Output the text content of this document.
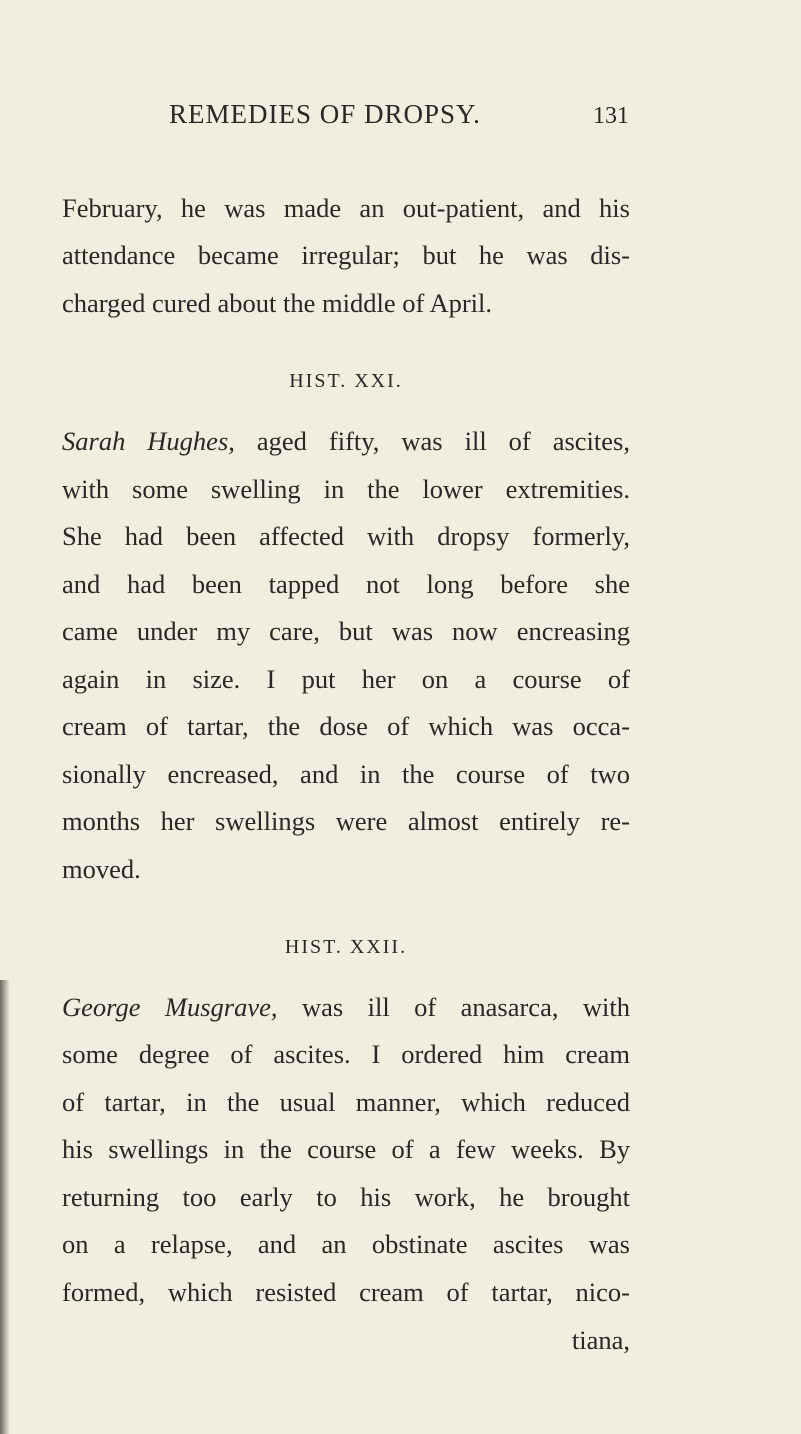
REMEDIES OF DROPSY.	131
February, he was made an out-patient, and his
attendance became irregular; but he was dis-
charged cured about the middle of April.
HIST. XXI.
Sarah Hughes, aged fifty, was ill of ascites,
with some swelling in the lower extremities.
She had been affected with dropsy formerly,
and had been tapped not long before she
came under my care, but was now encreasing
again in size. I put her on a course of
cream of tartar, the dose of which was occa-
sionally encreased, and in the course of two
months her swellings were almost entirely re-
moved.
HIST. XXII.
George Musgrave, was ill of anasarca, with
some degree of ascites. I ordered him cream
of tartar, in the usual manner, which reduced
his swellings in the course of a few weeks. By
returning too early to his work, he brought
on a relapse, and an obstinate ascites was
formed, which resisted cream of tartar, nico-
tiana,
